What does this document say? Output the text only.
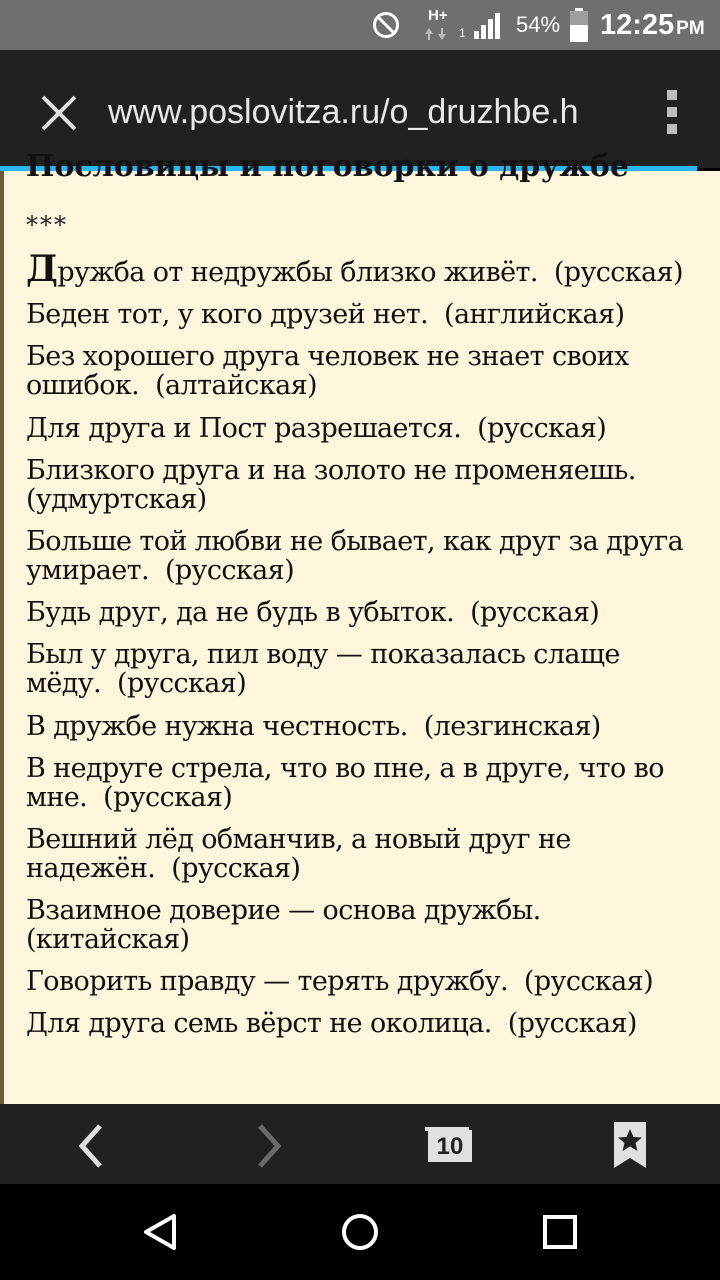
H+
1 54% 12:25 PM
www.poslovitza.ru/o_druzhbe.h
Пословицы и поговорки о дружбе
***
Дружба от недружбы близко живёт. (русская)
Беден тот, у кого друзей нет. (английская)
Без хорошего друга человек не знает своих ошибок. (алтайская)
Для друга и Пост разрешается. (русская)
Близкого друга и на золото не променяешь.  (удмуртская)
Больше той любви не бывает, как друг за друга умирает. (русская)
Будь друг, да не будь в убыток. (русская)
Был у друга, пил воду — показалась слаще мёду. (русская)
В дружбе нужна честность. (лезгинская)
В недруге стрела, что во пне, а в друге, что во мне. (русская)
Вешний лёд обманчив, а новый друг не надежён. (русская)
Взаимное доверие — основа дружбы.  (китайская)
Говорить правду — терять дружбу. (русская)
Для друга семь вёрст не околица. (русская)
10
